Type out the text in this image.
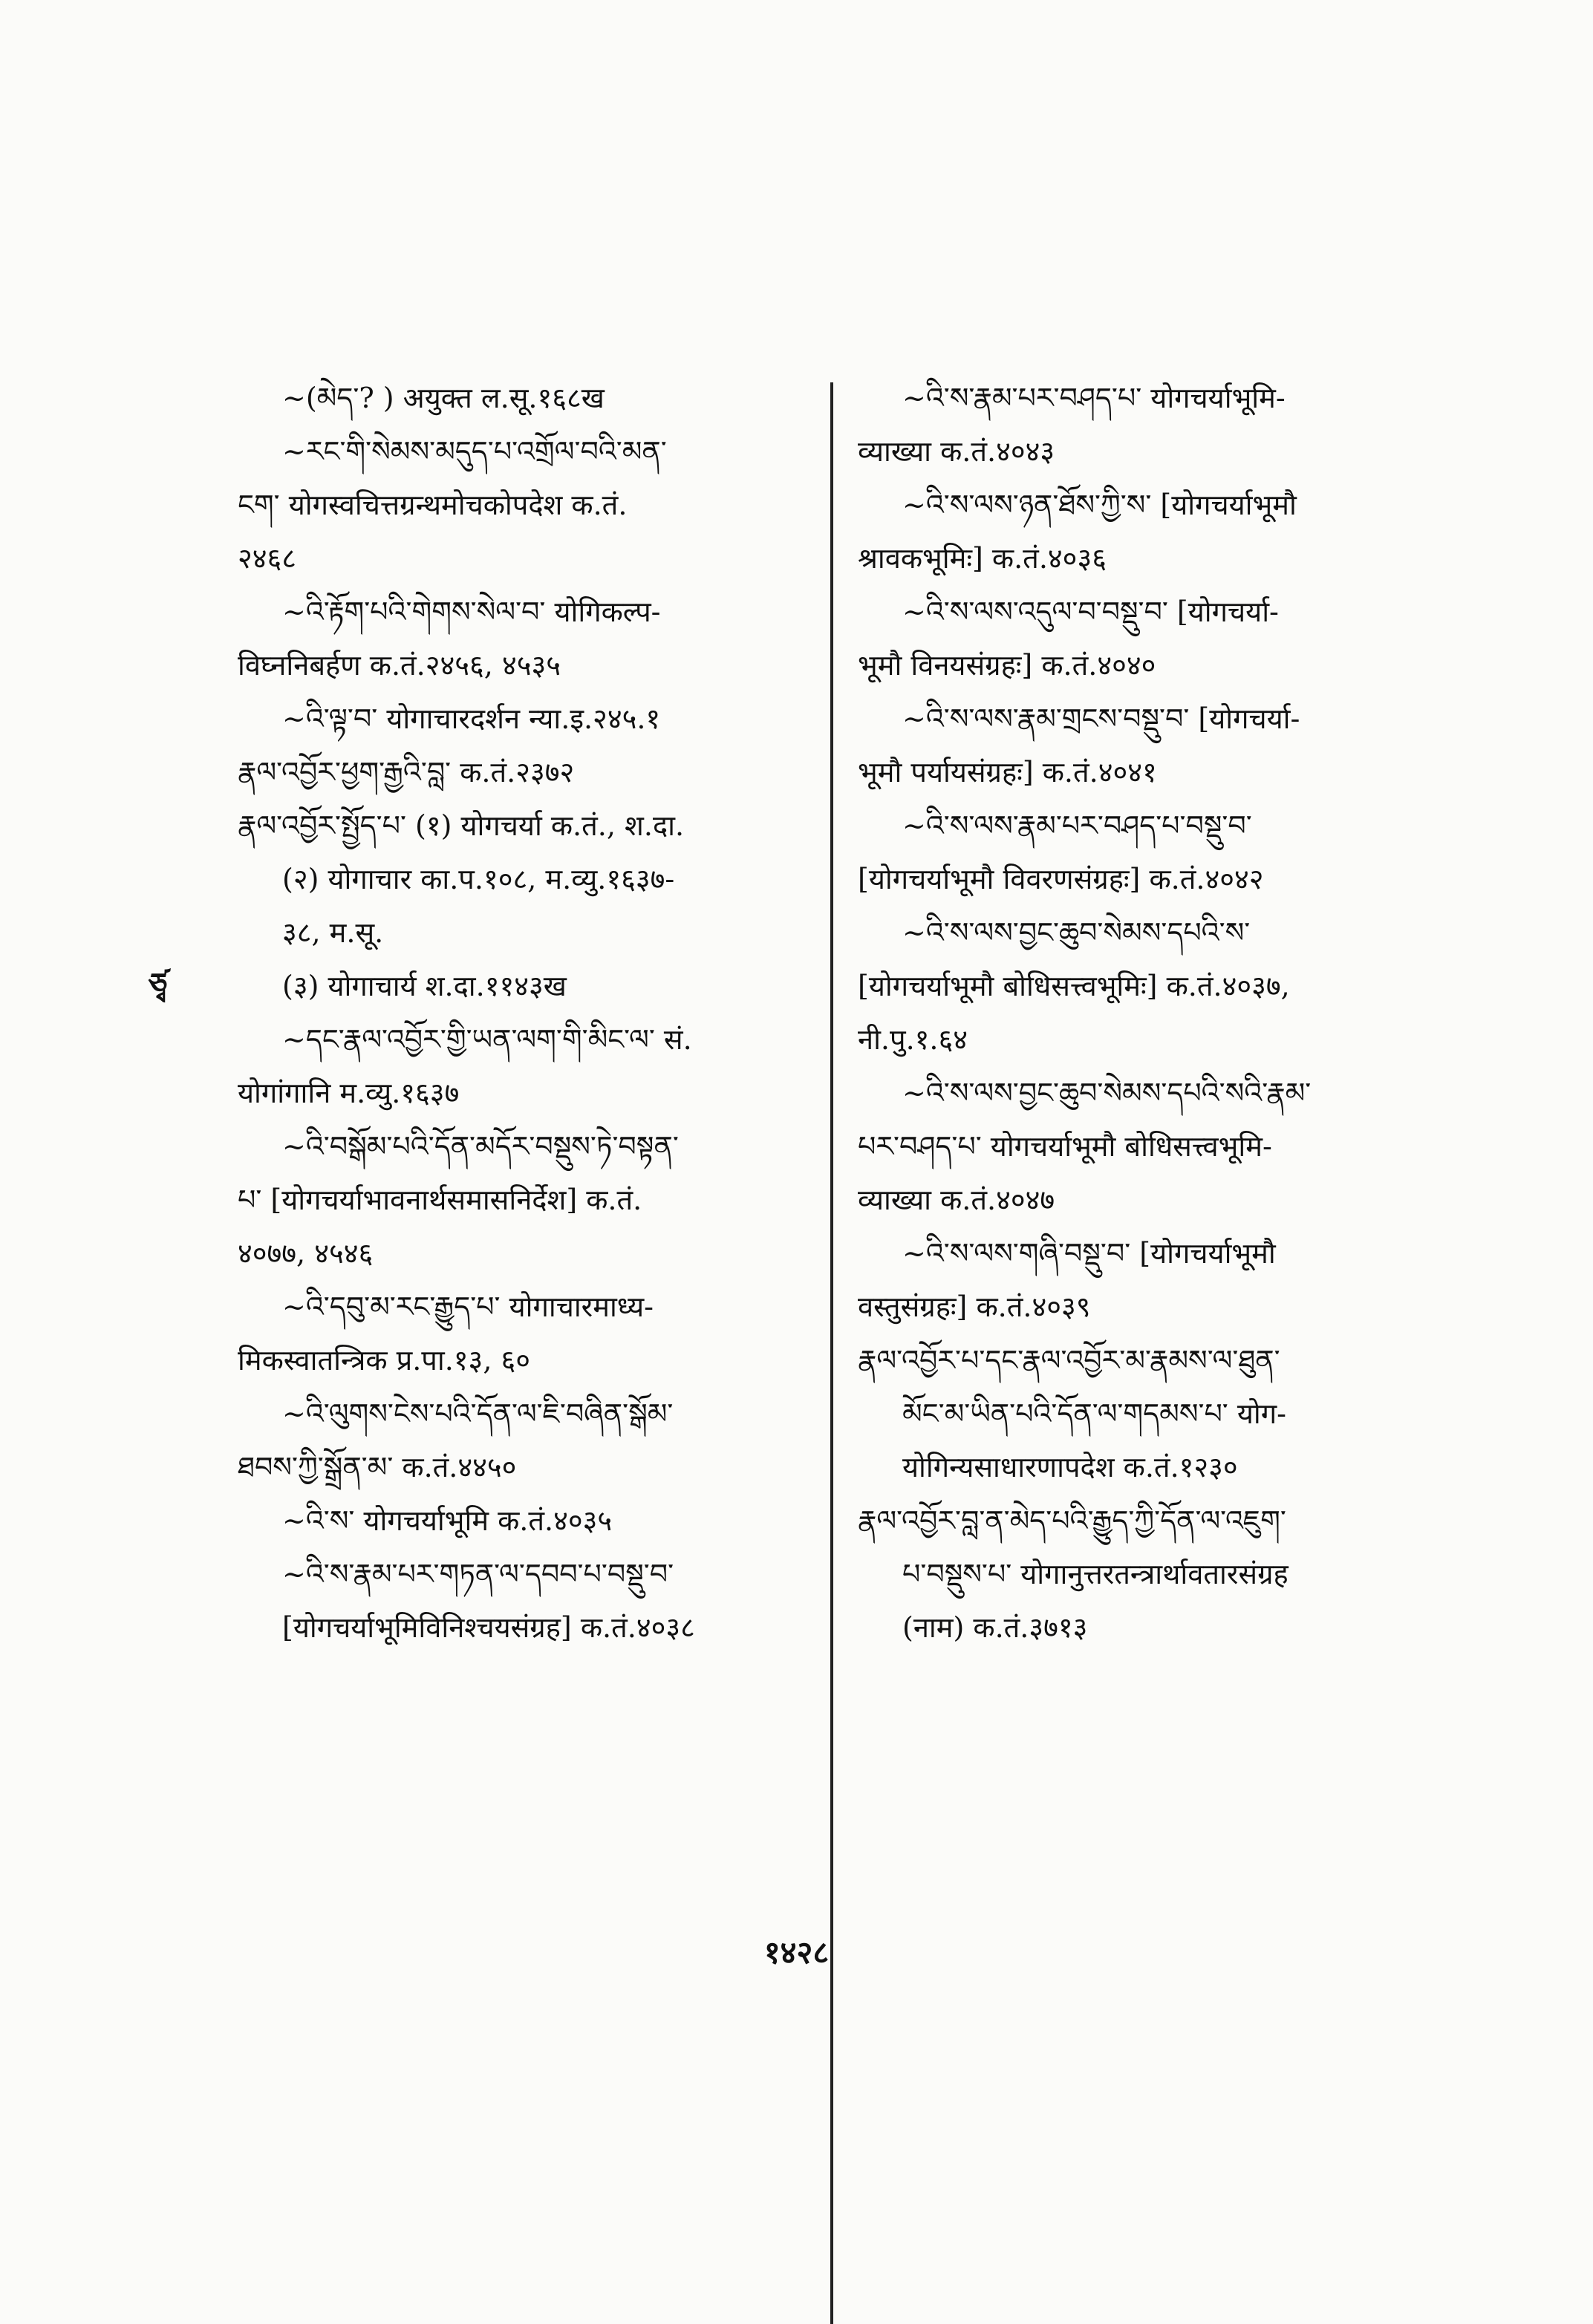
~(མེད་? ) अयुक्त ल.सू.१६८ख
~རང་གི་སེམས་མདུད་པ་འགྲོལ་བའི་མན་
ངག་ योगस्वचित्तग्रन्थमोचकोपदेश क.तं.
२४६८
~འི་རྟོག་པའི་གེགས་སེལ་བ་ योगिकल्प-
विघ्ननिबर्हण क.तं.२४५६, ४५३५
~འི་ལྟ་བ་ योगाचारदर्शन न्या.इ.२४५.१
རྣལ་འབྱོར་ཕྱག་རྒྱའི་བླ་ क.तं.२३७२
རྣལ་འབྱོར་སྤྱོད་པ་ (१) योगचर्या क.तं., श.दा.
(२) योगाचार का.प.१०८, म.व्यु.१६३७-
३८, म.सू.
(३) योगाचार्य श.दा.११४३ख
~དང་རྣལ་འབྱོར་གྱི་ཡན་ལག་གི་མིང་ལ་ सं.
योगांगानि म.व्यु.१६३७
~འི་བསྒོམ་པའི་དོན་མདོར་བསྡུས་ཏེ་བསྟན་
པ་ [योगचर्याभावनार्थसमासनिर्देश] क.तं.
४०७७, ४५४६
~འི་དབུ་མ་རང་རྒྱུད་པ་ योगाचारमाध्य-
मिकस्वातन्त्रिक प्र.पा.१३, ६०
~འི་ལུགས་ངེས་པའི་དོན་ལ་ཇི་བཞིན་སྒོམ་
ཐབས་ཀྱི་སྒྲོན་མ་ क.तं.४४५०
~འི་ས་ योगचर्याभूमि क.तं.४०३५
~འི་ས་རྣམ་པར་གཏན་ལ་དབབ་པ་བསྡུ་བ་
[योगचर्याभूमिविनिश्चयसंग्रह] क.तं.४०३८
~འི་ས་རྣམ་པར་བཤད་པ་ योगचर्याभूमि-
व्याख्या क.तं.४०४३
~འི་ས་ལས་ཉན་ཐོས་ཀྱི་ས་ [योगचर्याभूमौ
श्रावकभूमिः] क.तं.४०३६
~འི་ས་ལས་འདུལ་བ་བསྡུ་བ་ [योगचर्या-
भूमौ विनयसंग्रहः] क.तं.४०४०
~འི་ས་ལས་རྣམ་གྲངས་བསྡུ་བ་ [योगचर्या-
भूमौ पर्यायसंग्रहः] क.तं.४०४१
~འི་ས་ལས་རྣམ་པར་བཤད་པ་བསྡུ་བ་
[योगचर्याभूमौ विवरणसंग्रहः] क.तं.४०४२
~འི་ས་ལས་བྱང་ཆུབ་སེམས་དཔའི་ས་
[योगचर्याभूमौ बोधिसत्त्वभूमिः] क.तं.४०३७,
नी.पु.१.६४
~འི་ས་ལས་བྱང་ཆུབ་སེམས་དཔའི་སའི་རྣམ་
པར་བཤད་པ་ योगचर्याभूमौ बोधिसत्त्वभूमि-
व्याख्या क.तं.४०४७
~འི་ས་ལས་གཞི་བསྡུ་བ་ [योगचर्याभूमौ
वस्तुसंग्रहः] क.तं.४०३९
རྣལ་འབྱོར་པ་དང་རྣལ་འབྱོར་མ་རྣམས་ལ་ཐུན་
མོང་མ་ཡིན་པའི་དོན་ལ་གདམས་པ་ योग-
योगिन्यसाधारणापदेश क.तं.१२३०
རྣལ་འབྱོར་བླ་ན་མེད་པའི་རྒྱུད་ཀྱི་དོན་ལ་འཇུག་
པ་བསྡུས་པ་ योगानुत्तरतन्त्रार्थावतारसंग्रह
(नाम) क.तं.३७१३
ཙྭ
१४२८
